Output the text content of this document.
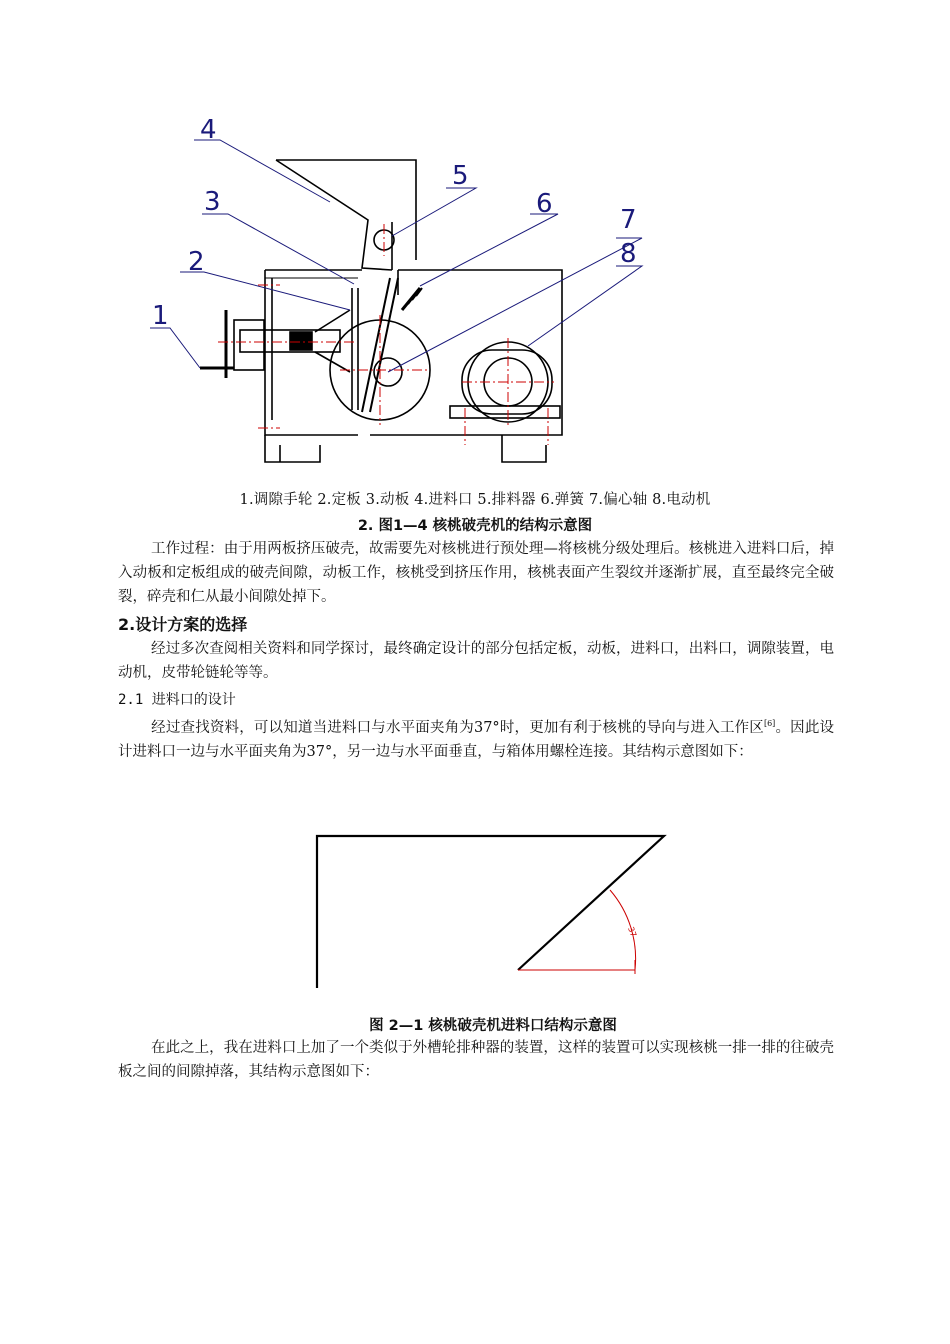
4
5
3	6
2
7
1
8
1.调隙手轮 2.定板 3.动板 4.进料口 5.排料器 6.弹簧 7.偏心轴 8.电动机
2. 图1—4 核桃破壳机的结构示意图
工作过程：由于用两板挤压破壳，故需要先对核桃进行预处理—将核桃分级处理后。核桃进入进料口后，掉入动板和定板组成的破壳间隙，动板工作，核桃受到挤压作用，核桃表面产生裂纹并逐渐扩展，直至最终完全破裂，碎壳和仁从最小间隙处掉下。
2.设计方案的选择
经过多次查阅相关资料和同学探讨，最终确定设计的部分包括定板，动板，进料口，出料口，调隙装置，电动机，皮带轮链轮等等。
2.1 进料口的设计
经过查找资料，可以知道当进料口与水平面夹角为37°时，更加有利于核桃的导向与进入工作区[6]。因此设计进料口一边与水平面夹角为37°，另一边与水平面垂直，与箱体用螺栓连接。其结构示意图如下：
37
图 2—1 核桃破壳机进料口结构示意图
在此之上，我在进料口上加了一个类似于外槽轮排种器的装置，这样的装置可以实现核桃一排一排的往破壳板之间的间隙掉落，其结构示意图如下：
